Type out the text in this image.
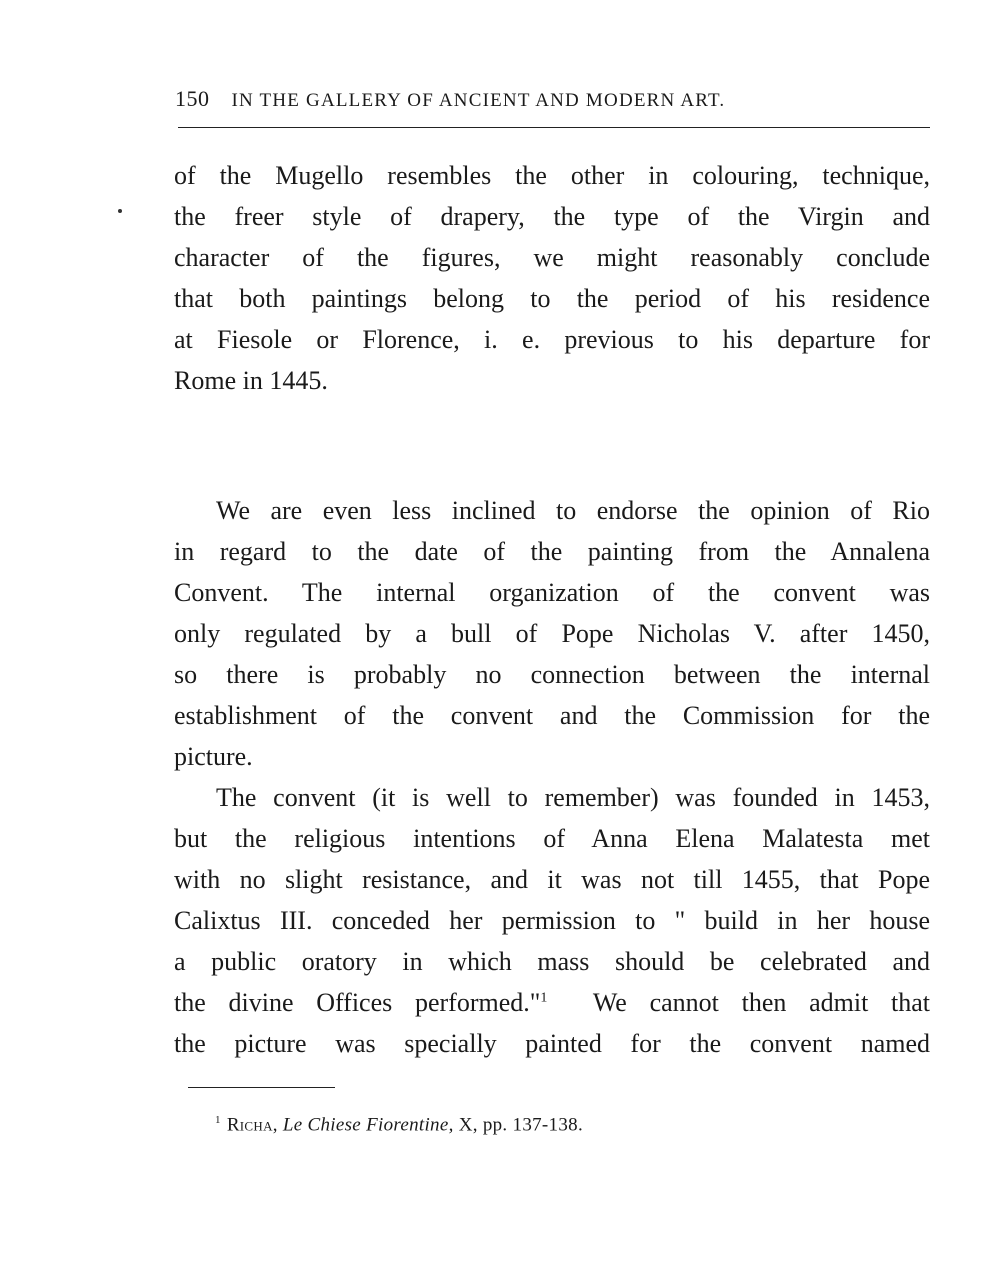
150 IN THE GALLERY OF ANCIENT AND MODERN ART.
of the Mugello resembles the other in colouring, technique,
the freer style of drapery, the type of the Virgin and
character of the figures, we might reasonably conclude
that both paintings belong to the period of his residence
at Fiesole or Florence, i. e. previous to his departure for
Rome in 1445.
We are even less inclined to endorse the opinion of Rio
in regard to the date of the painting from the Annalena
Convent. The internal organization of the convent was
only regulated by a bull of Pope Nicholas V. after 1450,
so there is probably no connection between the internal
establishment of the convent and the Commission for the
picture.
The convent (it is well to remember) was founded in 1453,
but the religious intentions of Anna Elena Malatesta met
with no slight resistance, and it was not till 1455, that Pope
Calixtus III. conceded her permission to " build in her house
a public oratory in which mass should be celebrated and
the divine Offices performed."$^1$ We cannot then admit that
the picture was specially painted for the convent named
$^1$ Richa, Le Chiese Fiorentine, X, pp. 137-138.
